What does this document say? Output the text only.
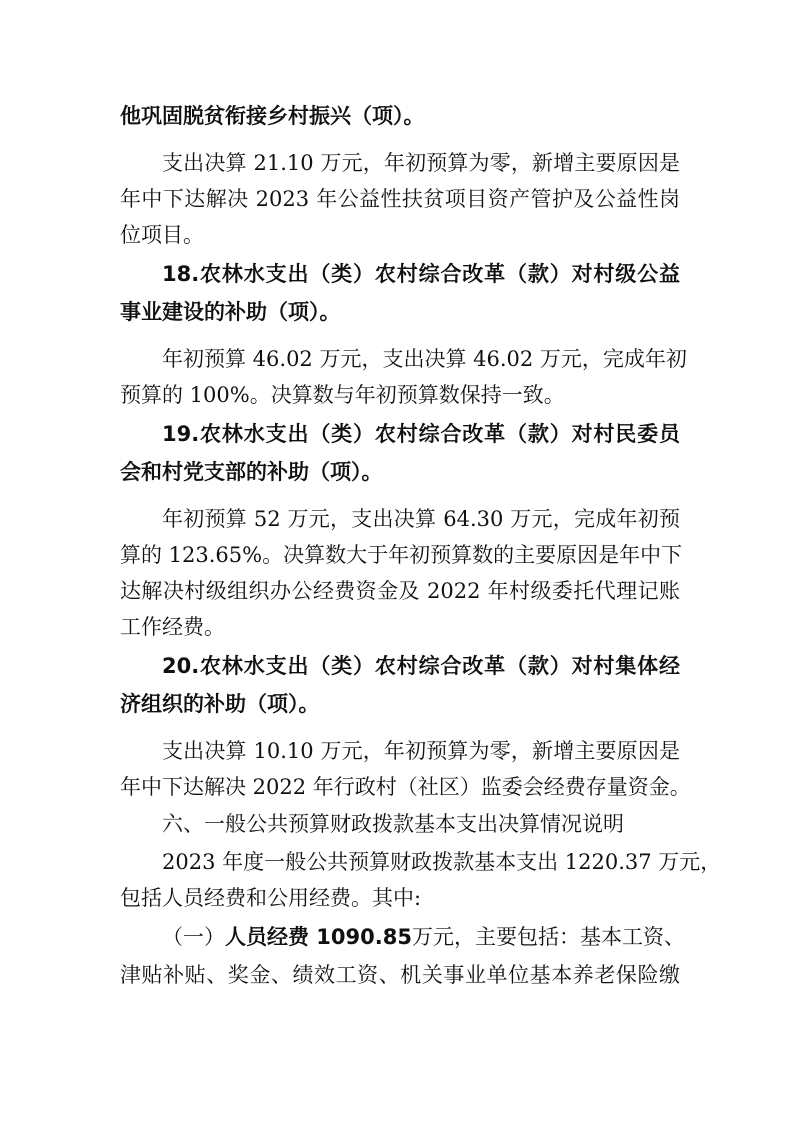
他巩固脱贫衔接乡村振兴（项）。
支出决算 21.10 万元，年初预算为零，新增主要原因是
年中下达解决 2023 年公益性扶贫项目资产管护及公益性岗
位项目。
18.农林水支出（类）农村综合改革（款）对村级公益
事业建设的补助（项）。
年初预算 46.02 万元，支出决算 46.02 万元，完成年初
预算的 100%。决算数与年初预算数保持一致。
19.农林水支出（类）农村综合改革（款）对村民委员
会和村党支部的补助（项）。
年初预算 52 万元，支出决算 64.30 万元，完成年初预
算的 123.65%。决算数大于年初预算数的主要原因是年中下
达解决村级组织办公经费资金及 2022 年村级委托代理记账
工作经费。
20.农林水支出（类）农村综合改革（款）对村集体经
济组织的补助（项）。
支出决算 10.10 万元，年初预算为零，新增主要原因是
年中下达解决 2022 年行政村（社区）监委会经费存量资金。
六、一般公共预算财政拨款基本支出决算情况说明
2023 年度一般公共预算财政拨款基本支出 1220.37 万元，
包括人员经费和公用经费。其中:
（一）人员经费 1090.85万元，主要包括：基本工资、
津贴补贴、奖金、绩效工资、机关事业单位基本养老保险缴
